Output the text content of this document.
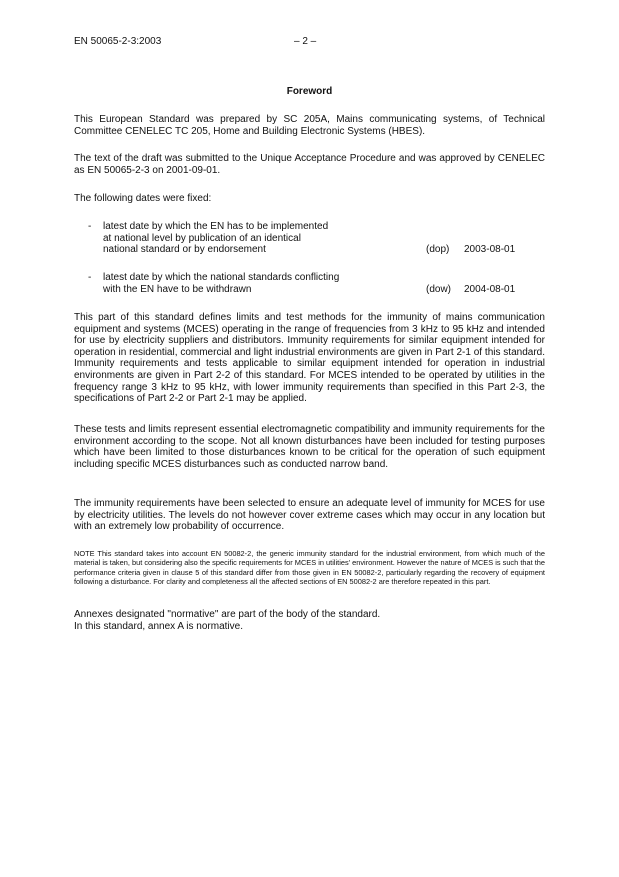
EN 50065-2-3:2003	– 2 –
Foreword
This European Standard was prepared by SC 205A, Mains communicating systems, of Technical Committee CENELEC TC 205, Home and Building Electronic Systems (HBES).
The text of the draft was submitted to the Unique Acceptance Procedure and was approved by CENELEC as EN 50065-2-3 on 2001-09-01.
The following dates were fixed:
- latest date by which the EN has to be implemented
at national level by publication of an identical
national standard or by endorsement	(dop) 2003-08-01
- latest date by which the national standards conflicting
with the EN have to be withdrawn	(dow) 2004-08-01
This part of this standard defines limits and test methods for the immunity of mains communication equipment and systems (MCES) operating in the range of frequencies from 3 kHz to 95 kHz and intended for use by electricity suppliers and distributors. Immunity requirements for similar equipment intended for operation in residential, commercial and light industrial environments are given in Part 2-1 of this standard. Immunity requirements and tests applicable to similar equipment intended for operation in industrial environments are given in Part 2-2 of this standard. For MCES intended to be operated by utilities in the frequency range 3 kHz to 95 kHz, with lower immunity requirements than specified in this Part 2-3, the specifications of Part 2-2 or Part 2-1 may be applied.
These tests and limits represent essential electromagnetic compatibility and immunity requirements for the environment according to the scope. Not all known disturbances have been included for testing purposes which have been limited to those disturbances known to be critical for the operation of such equipment including specific MCES disturbances such as conducted narrow band.
The immunity requirements have been selected to ensure an adequate level of immunity for MCES for use by electricity utilities. The levels do not however cover extreme cases which may occur in any location but with an extremely low probability of occurrence.
NOTE This standard takes into account EN 50082-2, the generic immunity standard for the industrial environment, from which much of the material is taken, but considering also the specific requirements for MCES in utilities' environment. However the nature of MCES is such that the performance criteria given in clause 5 of this standard differ from those given in EN 50082-2, particularly regarding the recovery of equipment following a disturbance. For clarity and completeness all the affected sections of EN 50082-2 are therefore repeated in this part.
Annexes designated "normative" are part of the body of the standard.
In this standard, annex A is normative.
